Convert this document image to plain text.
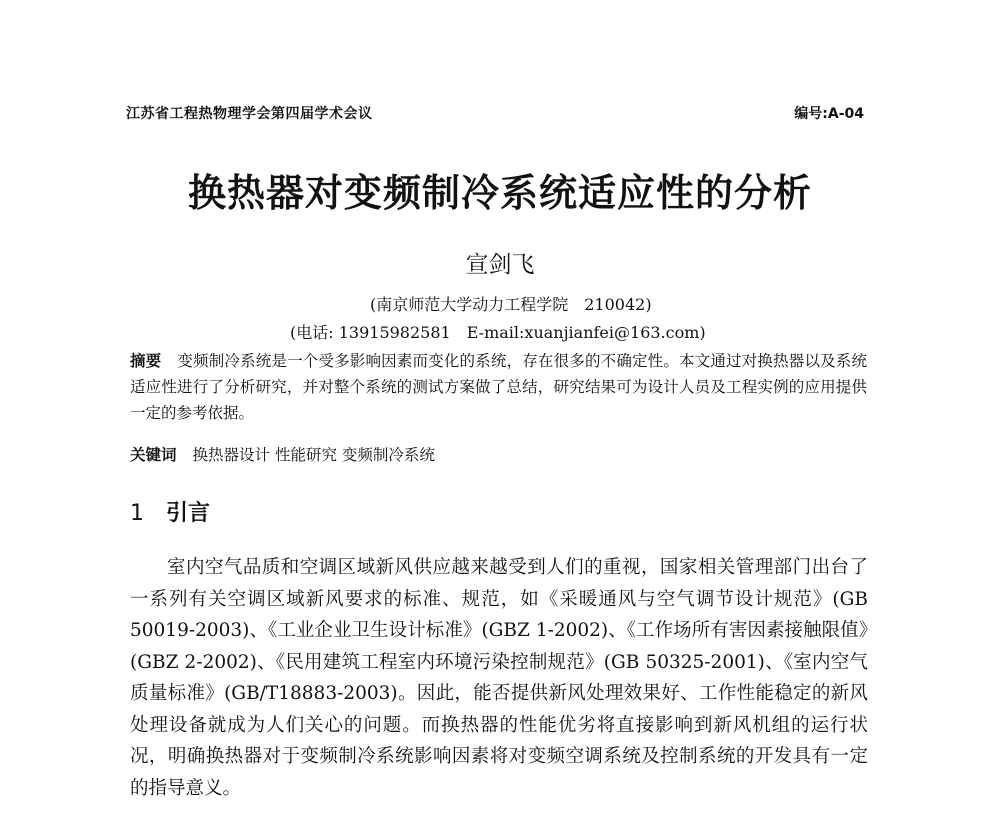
江苏省工程热物理学会第四届学术会议	编号:A-04
换热器对变频制冷系统适应性的分析
宣剑飞
(南京师范大学动力工程学院　210042)
(电话: 13915982581　E-mail:xuanjianfei@163.com)
摘要 变频制冷系统是一个受多影响因素而变化的系统，存在很多的不确定性。本文通过对换热器以及系统适应性进行了分析研究，并对整个系统的测试方案做了总结，研究结果可为设计人员及工程实例的应用提供一定的参考依据。
关键词 换热器设计 性能研究 变频制冷系统
1 引言
室内空气品质和空调区域新风供应越来越受到人们的重视，国家相关管理部门出台了一系列有关空调区域新风要求的标准、规范，如《采暖通风与空气调节设计规范》(GB 50019-2003)、《工业企业卫生设计标准》(GBZ 1-2002)、《工作场所有害因素接触限值》(GBZ 2-2002)、《民用建筑工程室内环境污染控制规范》(GB 50325-2001)、《室内空气质量标准》(GB/T18883-2003)。因此，能否提供新风处理效果好、工作性能稳定的新风处理设备就成为人们关心的问题。而换热器的性能优劣将直接影响到新风机组的运行状况，明确换热器对于变频制冷系统影响因素将对变频空调系统及控制系统的开发具有一定的指导意义。
